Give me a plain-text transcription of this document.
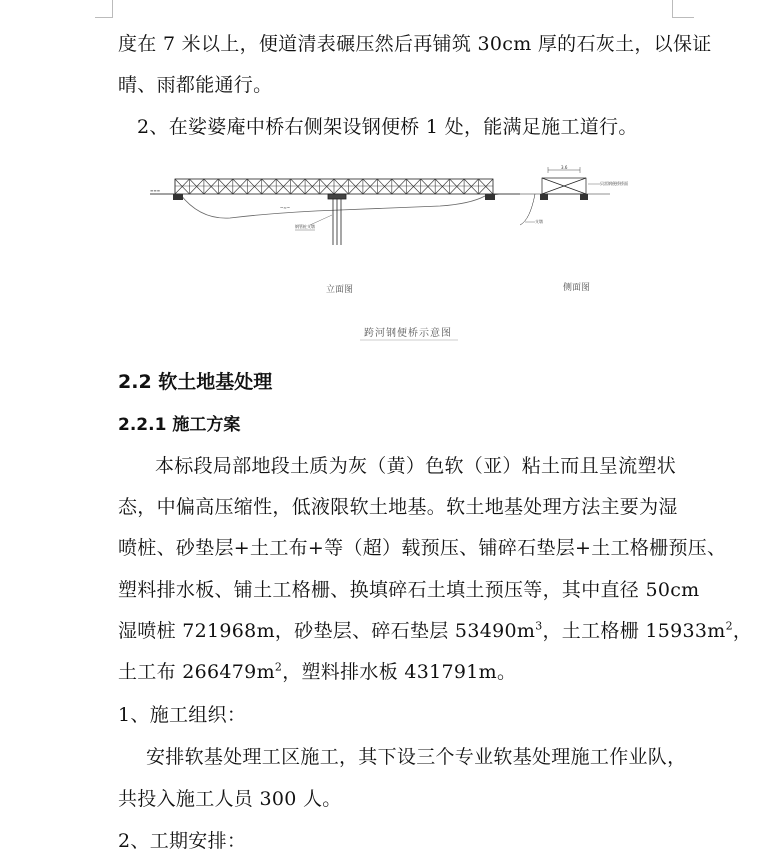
度在 7 米以上，便道清表碾压然后再铺筑 30cm 厚的石灰土，以保证
晴、雨都能通行。
2、在娑婆庵中桥右侧架设钢便桥 1 处，能满足施工道行。
≡≡≡
~≈~
钢管桩支墩
3.6
贝雷钢便桥桥面
支墩
立面图	侧面图
跨河钢便桥示意图
2.2 软土地基处理
2.2.1 施工方案
本标段局部地段土质为灰（黄）色软（亚）粘土而且呈流塑状
态，中偏高压缩性，低液限软土地基。软土地基处理方法主要为湿
喷桩、砂垫层+土工布+等（超）载预压、铺碎石垫层+土工格栅预压、
塑料排水板、铺土工格栅、换填碎石土填土预压等，其中直径 50cm
湿喷桩 721968m，砂垫层、碎石垫层 $53490m^3$，土工格栅 $15933m^2$，
土工布 $266479m^2$，塑料排水板 431791m。
1、施工组织：
安排软基处理工区施工，其下设三个专业软基处理施工作业队，
共投入施工人员 300 人。
2、工期安排：
